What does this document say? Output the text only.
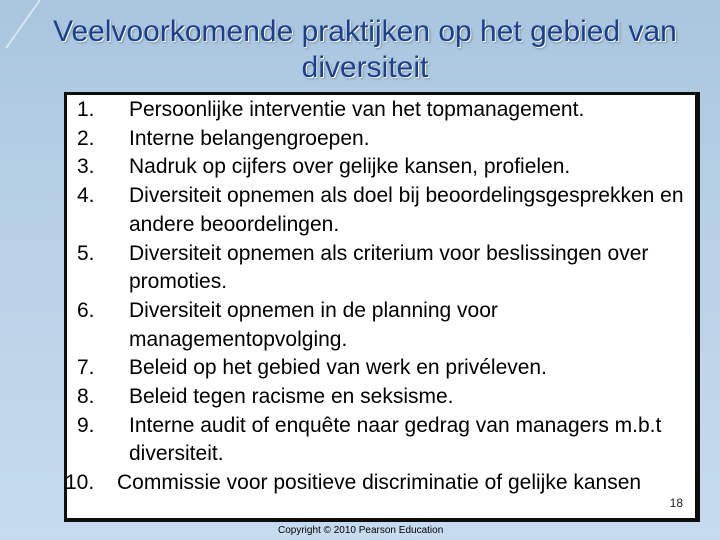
Veelvoorkomende praktijken op het gebied van diversiteit
1.	Persoonlijke interventie van het topmanagement.
2.	Interne belangengroepen.
3.	Nadruk op cijfers over gelijke kansen, profielen.
4.	Diversiteit opnemen als doel bij beoordelingsgesprekken en andere beoordelingen.
5.	Diversiteit opnemen als criterium voor beslissingen over promoties.
6.	Diversiteit opnemen in de planning voor managementopvolging.
7.	Beleid op het gebied van werk en privéleven.
8.	Beleid tegen racisme en seksisme.
9.	Interne audit of enquête naar gedrag van managers m.b.t diversiteit.
10.	Commissie voor positieve discriminatie of gelijke kansen
18
Copyright © 2010 Pearson Education
